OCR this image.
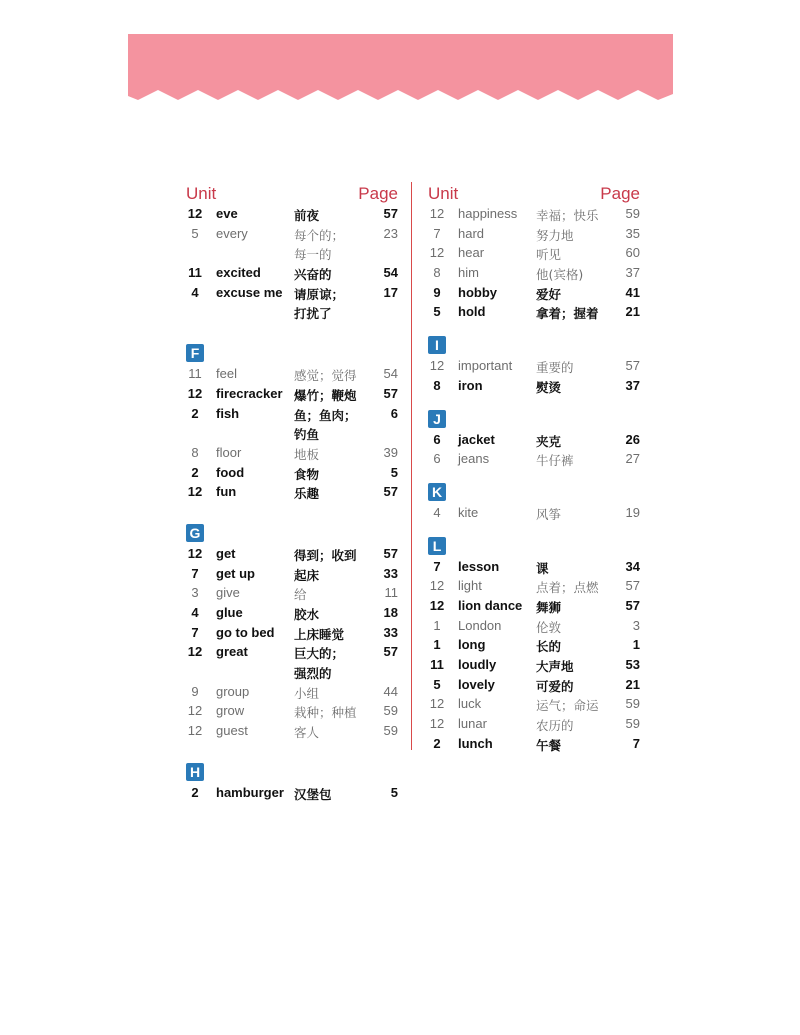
Unit	Page
12 eve	前夜	57
5	every	每个的；	23
每一的
11 excited	兴奋的	54
4	excuse me 请原谅；	17
打扰了
F
11 feel	感觉；觉得 54
12 firecracker 爆竹；鞭炮 57
2	fish	鱼；鱼肉；	6
钓鱼
8	floor	地板	39
2	food	食物	5
12 fun	乐趣	57
G
12 get	得到；收到 57
7	get up	起床	33
3	give	给	11
4	glue	胶水	18
7	go to bed 上床睡觉	33
12 great	巨大的；	57
强烈的
9	group	小组	44
12 grow	栽种；种植 59
12 guest	客人	59
H
2	hamburger 汉堡包	5
Unit	Page
12 happiness 幸福；快乐 59
7	hard	努力地	35
12 hear	听见	60
8	him	他(宾格)	37
9	hobby	爱好	41
5	hold	拿着；握着 21
I
12 important 重要的	57
8	iron	熨烫	37
J
6	jacket	夹克	26
6	jeans	牛仔裤	27
K
4	kite	风筝	19
L
7	lesson	课	34
12 light	点着；点燃 57
12 lion dance 舞狮	57
1	London	伦敦	3
1	long	长的	1
11 loudly	大声地	53
5	lovely	可爱的	21
12 luck	运气；命运 59
12 lunar	农历的	59
2	lunch	午餐	7
